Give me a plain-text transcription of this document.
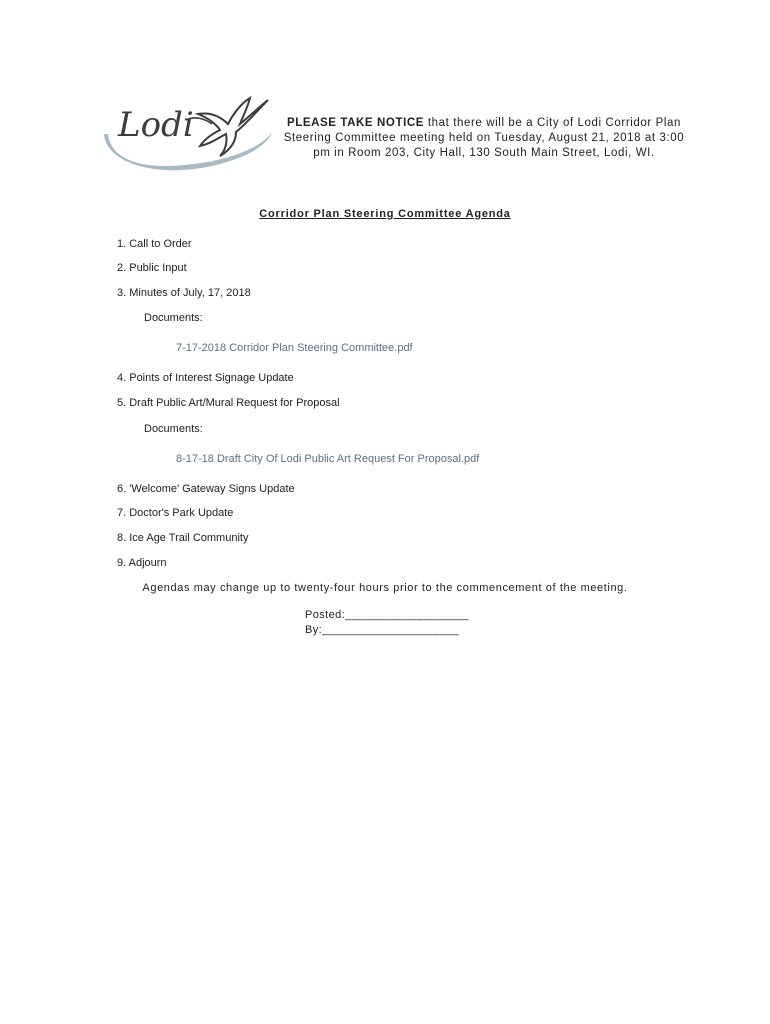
Lodi
Wisconsin
PLEASE TAKE NOTICE that there will be a City of Lodi Corridor Plan
Steering Committee meeting held on Tuesday, August 21, 2018 at 3:00
pm in Room 203, City Hall, 130 South Main Street, Lodi, WI.
Corridor Plan Steering Committee Agenda
1. Call to Order
2. Public Input
3. Minutes of July, 17, 2018
Documents:
7-17-2018 Corridor Plan Steering Committee.pdf
4. Points of Interest Signage Update
5. Draft Public Art/Mural Request for Proposal
Documents:
8-17-18 Draft City Of Lodi Public Art Request For Proposal.pdf
6. 'Welcome' Gateway Signs Update
7. Doctor's Park Update
8. Ice Age Trail Community
9. Adjourn
Agendas may change up to twenty-four hours prior to the commencement of the meeting.
Posted:___________________
By:_____________________
